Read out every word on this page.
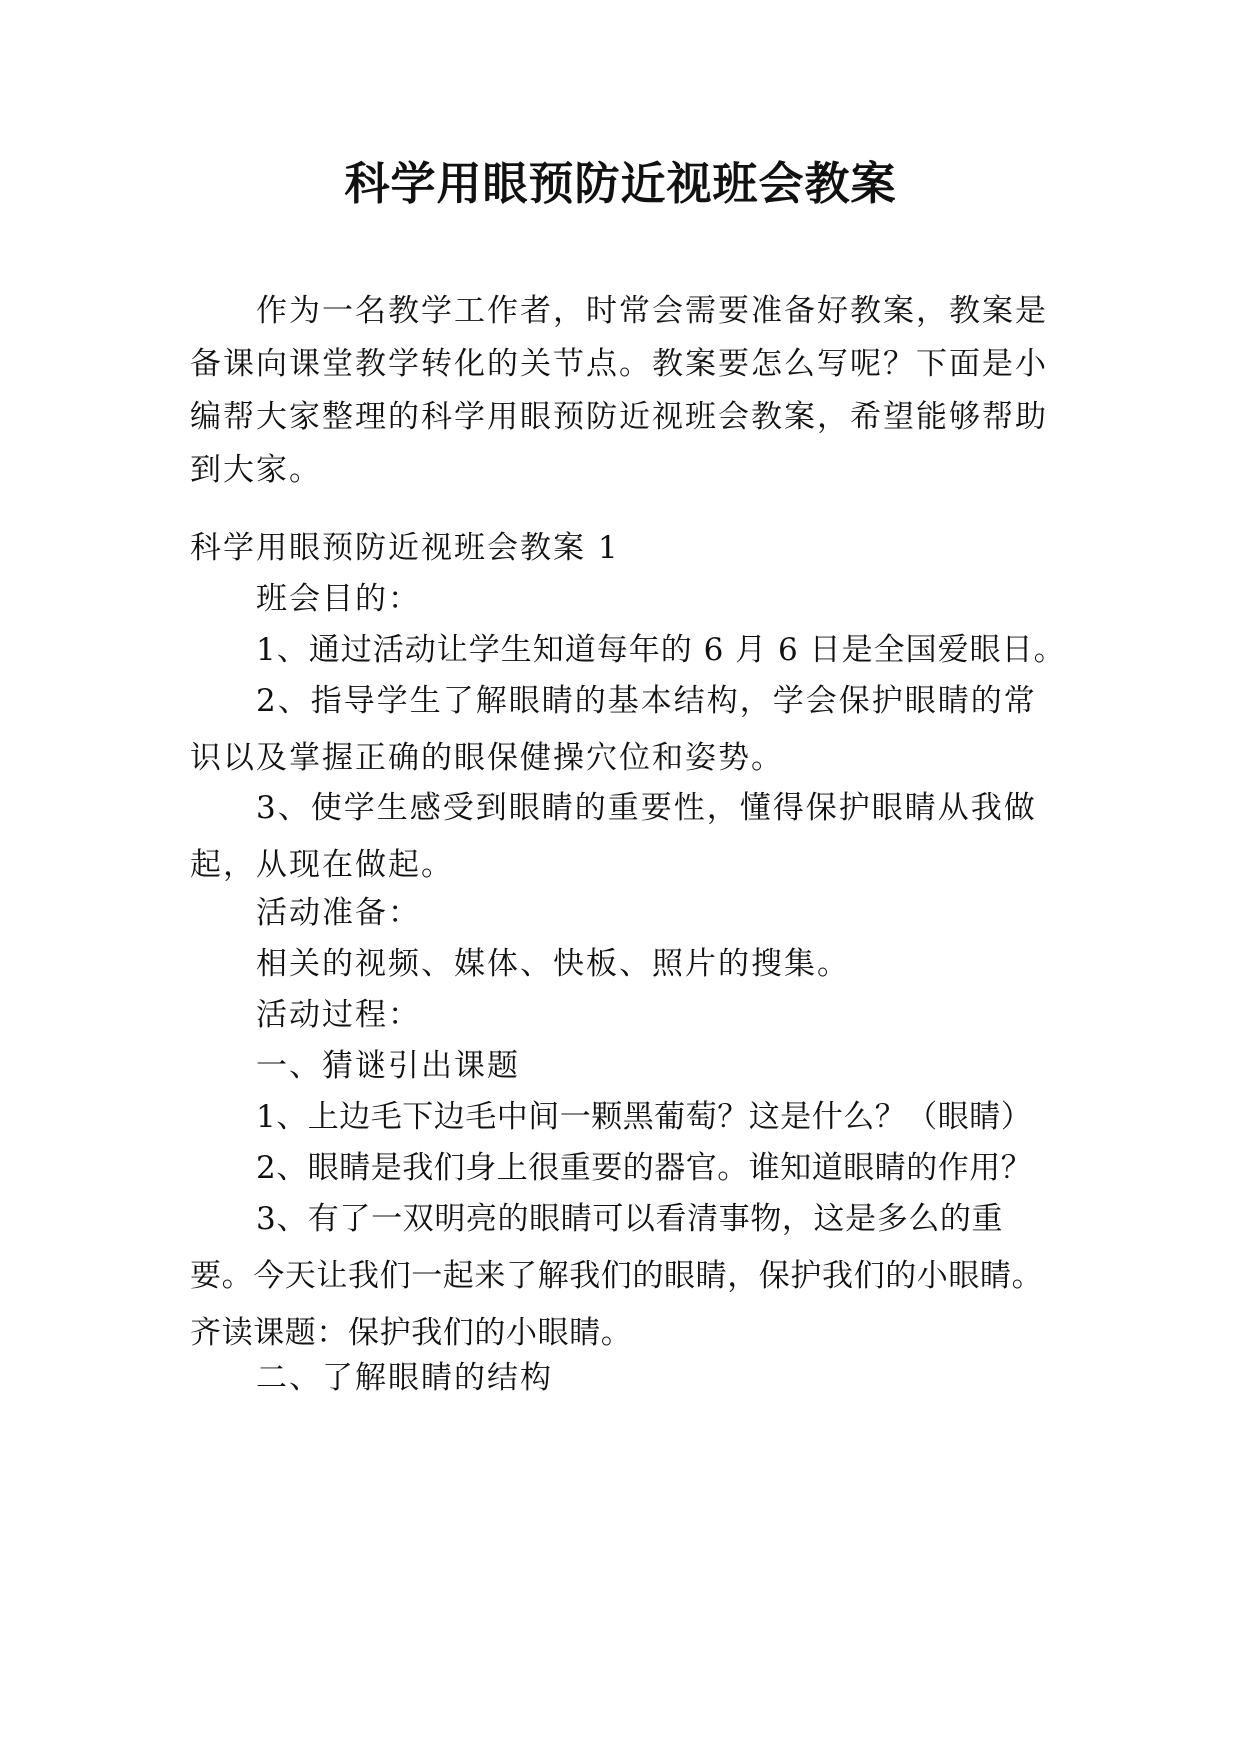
科学用眼预防近视班会教案

作为一名教学工作者，时常会需要准备好教案，教案是备课向课堂教学转化的关节点。教案要怎么写呢？下面是小编帮大家整理的科学用眼预防近视班会教案，希望能够帮助到大家。

科学用眼预防近视班会教案 1

班会目的：

1、通过活动让学生知道每年的 6 月 6 日是全国爱眼日。

2、指导学生了解眼睛的基本结构，学会保护眼睛的常识以及掌握正确的眼保健操穴位和姿势。

3、使学生感受到眼睛的重要性，懂得保护眼睛从我做起，从现在做起。

活动准备：

相关的视频、媒体、快板、照片的搜集。

活动过程：

一、猜谜引出课题

1、上边毛下边毛中间一颗黑葡萄？这是什么？（眼睛）

2、眼睛是我们身上很重要的器官。谁知道眼睛的作用？

3、有了一双明亮的眼睛可以看清事物，这是多么的重要。今天让我们一起来了解我们的眼睛，保护我们的小眼睛。齐读课题：保护我们的小眼睛。

二、了解眼睛的结构
